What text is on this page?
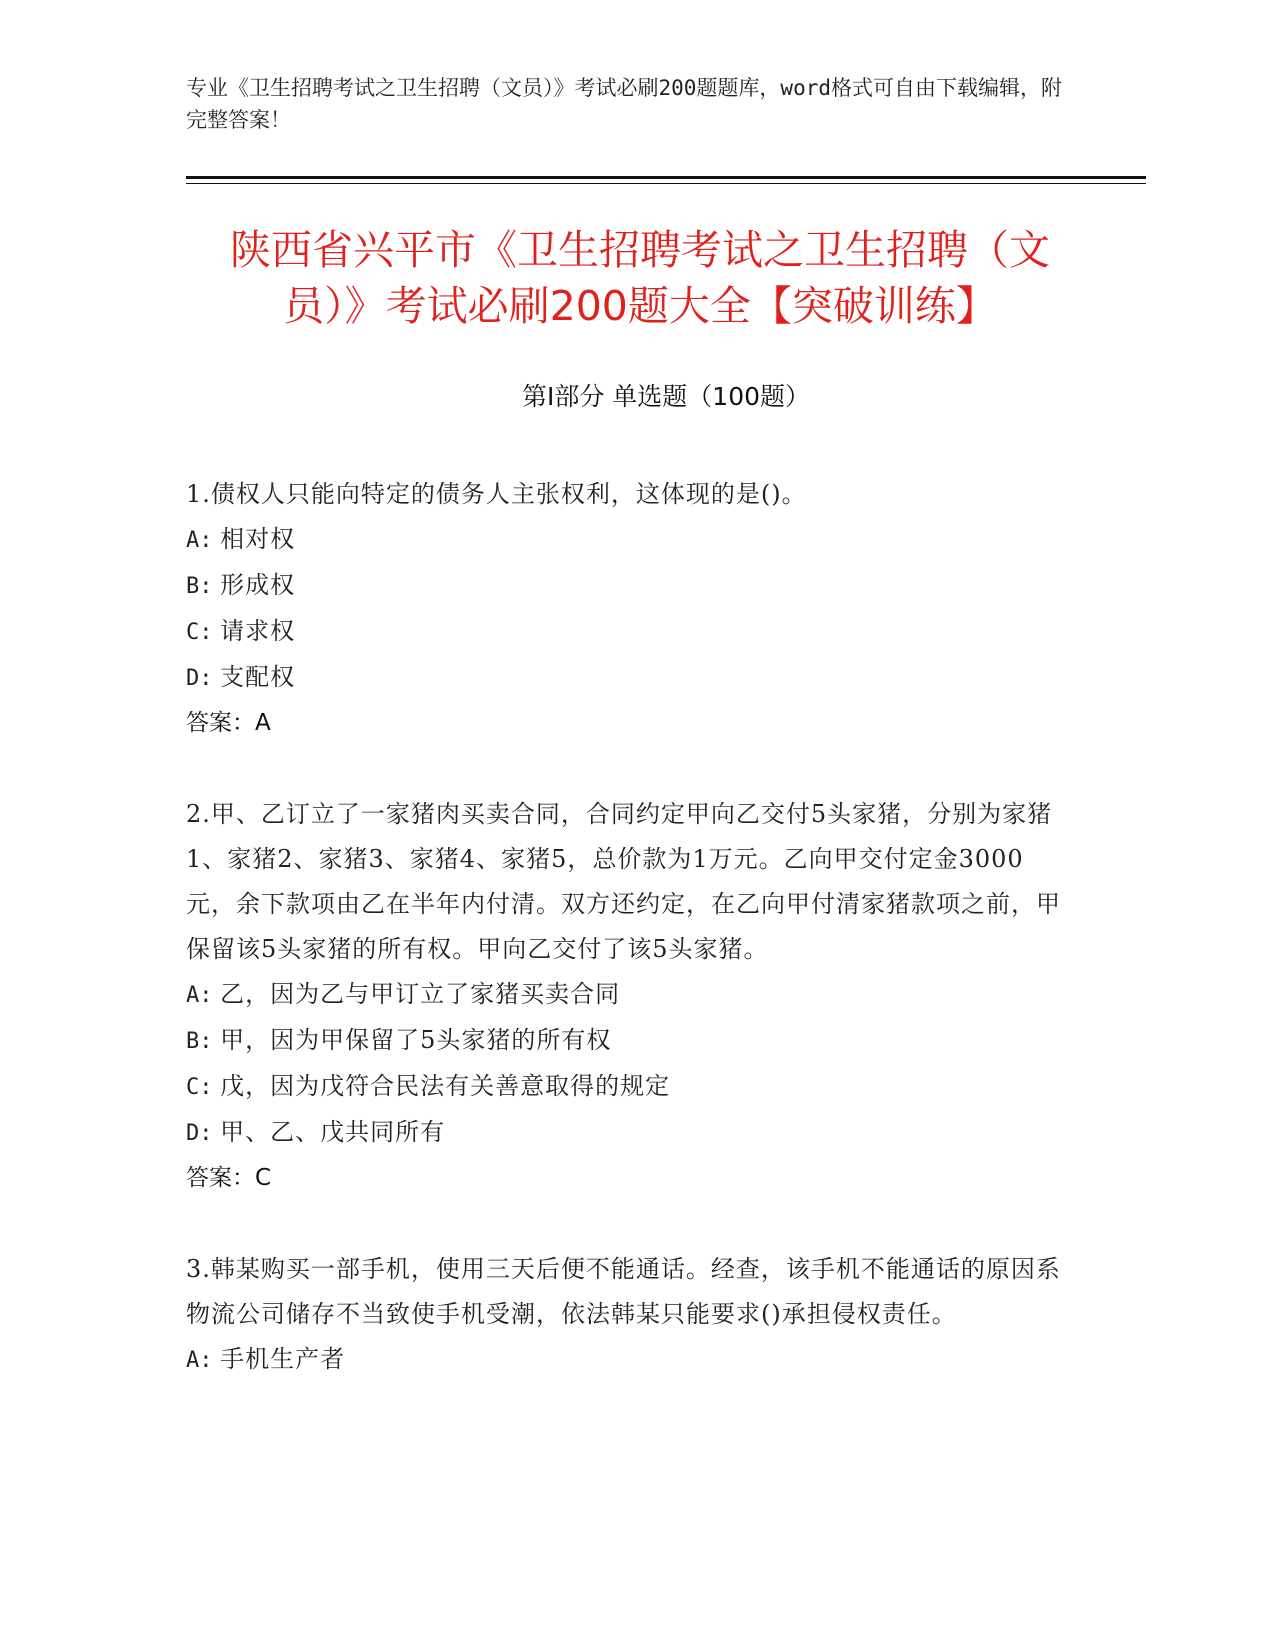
专业《卫生招聘考试之卫生招聘（文员）》考试必刷200题题库，word格式可自由下载编辑，附完整答案！
陕西省兴平市《卫生招聘考试之卫生招聘（文员）》考试必刷200题大全【突破训练】
第Ⅰ部分 单选题（100题）
1.债权人只能向特定的债务人主张权利，这体现的是()。
A: 相对权
B: 形成权
C: 请求权
D: 支配权
答案：A
2.甲、乙订立了一家猪肉买卖合同，合同约定甲向乙交付5头家猪，分别为家猪1、家猪2、家猪3、家猪4、家猪5，总价款为1万元。乙向甲交付定金3000元，余下款项由乙在半年内付清。双方还约定，在乙向甲付清家猪款项之前，甲保留该5头家猪的所有权。甲向乙交付了该5头家猪。
A: 乙，因为乙与甲订立了家猪买卖合同
B: 甲，因为甲保留了5头家猪的所有权
C: 戊，因为戊符合民法有关善意取得的规定
D: 甲、乙、戊共同所有
答案：C
3.韩某购买一部手机，使用三天后便不能通话。经查，该手机不能通话的原因系物流公司储存不当致使手机受潮，依法韩某只能要求()承担侵权责任。
A: 手机生产者
